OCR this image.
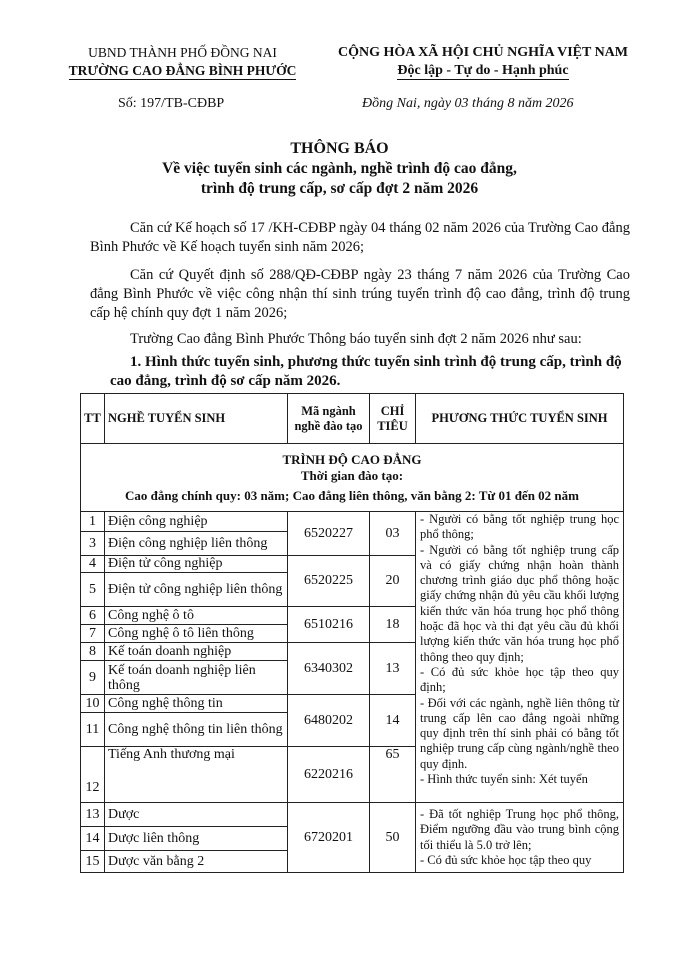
UBND THÀNH PHỐ ĐỒNG NAI
TRƯỜNG CAO ĐẲNG BÌNH PHƯỚC
CỘNG HÒA XÃ HỘI CHỦ NGHĨA VIỆT NAM
Độc lập - Tự do - Hạnh phúc
Số: 197/TB-CĐBP	Đồng Nai, ngày 03 tháng 8 năm 2026
THÔNG BÁO
Về việc tuyển sinh các ngành, nghề trình độ cao đẳng,
trình độ trung cấp, sơ cấp đợt 2 năm 2026
Căn cứ Kế hoạch số 17 /KH-CĐBP ngày 04 tháng 02 năm 2026 của Trường Cao đẳng Bình Phước về Kế hoạch tuyển sinh năm 2026;
Căn cứ Quyết định số 288/QĐ-CĐBP ngày 23 tháng 7 năm 2026 của Trường Cao đẳng Bình Phước về việc công nhận thí sinh trúng tuyển trình độ cao đẳng, trình độ trung cấp hệ chính quy đợt 1 năm 2026;
Trường Cao đẳng Bình Phước Thông báo tuyển sinh đợt 2 năm 2026 như sau:
1. Hình thức tuyển sinh, phương thức tuyển sinh trình độ trung cấp, trình độ cao đẳng, trình độ sơ cấp năm 2026.
TT	NGHỀ TUYỂN SINH	Mã ngành nghề đào tạo	CHỈ TIÊU	PHƯƠNG THỨC TUYỂN SINH

TRÌNH ĐỘ CAO ĐẲNG
Thời gian đào tạo:
Cao đẳng chính quy: 03 năm; Cao đẳng liên thông, văn bằng 2: Từ 01 đến 02 năm				

1	Điện công nghiệp	6520227	03	- Người có bằng tốt nghiệp trung học phổ thông;
- Người có bằng tốt nghiệp trung cấp và có giấy chứng nhận hoàn thành chương trình giáo dục phổ thông hoặc giấy chứng nhận đủ yêu cầu khối lượng kiến thức văn hóa trung học phổ thông hoặc đã học và thi đạt yêu cầu đủ khối lượng kiến thức văn hóa trung học phổ thông theo quy định;
- Có đủ sức khỏe học tập theo quy định;
- Đối với các ngành, nghề liên thông từ trung cấp lên cao đẳng ngoài những quy định trên thí sinh phải có bằng tốt nghiệp trung cấp cùng ngành/nghề theo quy định.
- Hình thức tuyển sinh: Xét tuyển

3	Điện công nghiệp liên thông			
4	Điện tử công nghiệp	6520225	20	
5	Điện tử công nghiệp liên thông			
6	Công nghệ ô tô	6510216	18	
7	Công nghệ ô tô liên thông			
8	Kế toán doanh nghiệp	6340302	13	
9	Kế toán doanh nghiệp liên thông			
10	Công nghệ thông tin	6480202	14	
11	Công nghệ thông tin liên thông			
12	Tiếng Anh thương mại	6220216	65	
13	Dược	6720201	50	- Đã tốt nghiệp Trung học phổ thông, Điểm ngưỡng đầu vào trung bình cộng tối thiểu là 5.0 trở lên;
- Có đủ sức khỏe học tập theo quy

14	Dược liên thông			
15	Dược văn bằng 2			
